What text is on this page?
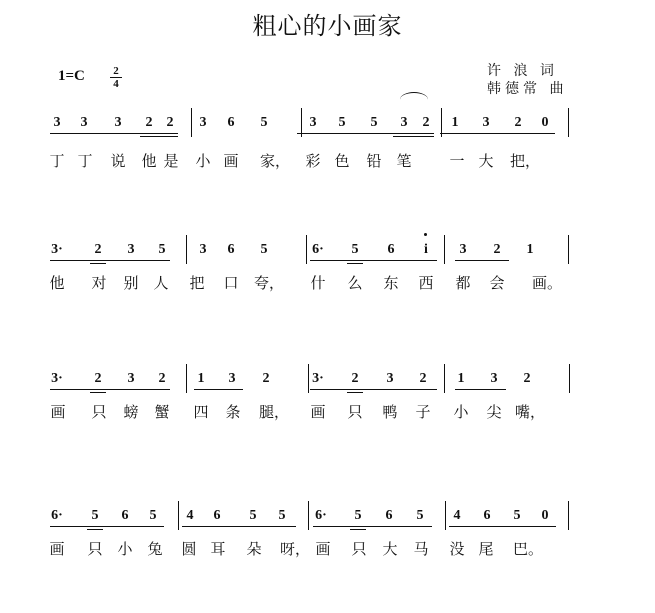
粗心的小画家
1=C	2
4
许 浪 词
韩德常 曲
3 3 3 2 2 3 6 5	3 5 5 3 2 1 3 2 0
丁 丁 说 他 是 小 画 家， 彩 色 铅 笔	一 大 把，
3· 2 3 5 3 6 5	6· 5 6	i	3 2 1
他 对 别 人 把 口 夸， 什 么 东 西 都 会 画。
3· 2 3 2 1 3 2	3· 2 3 2 1 3 2
画 只 螃 蟹 四 条 腿， 画 只 鸭 子 小 尖 嘴，
6· 5 6 5 4 6 5 5 6· 5 6 5 4 6 5 0
画 只 小 兔 圆 耳 朵 呀， 画 只 大 马 没 尾 巴。
